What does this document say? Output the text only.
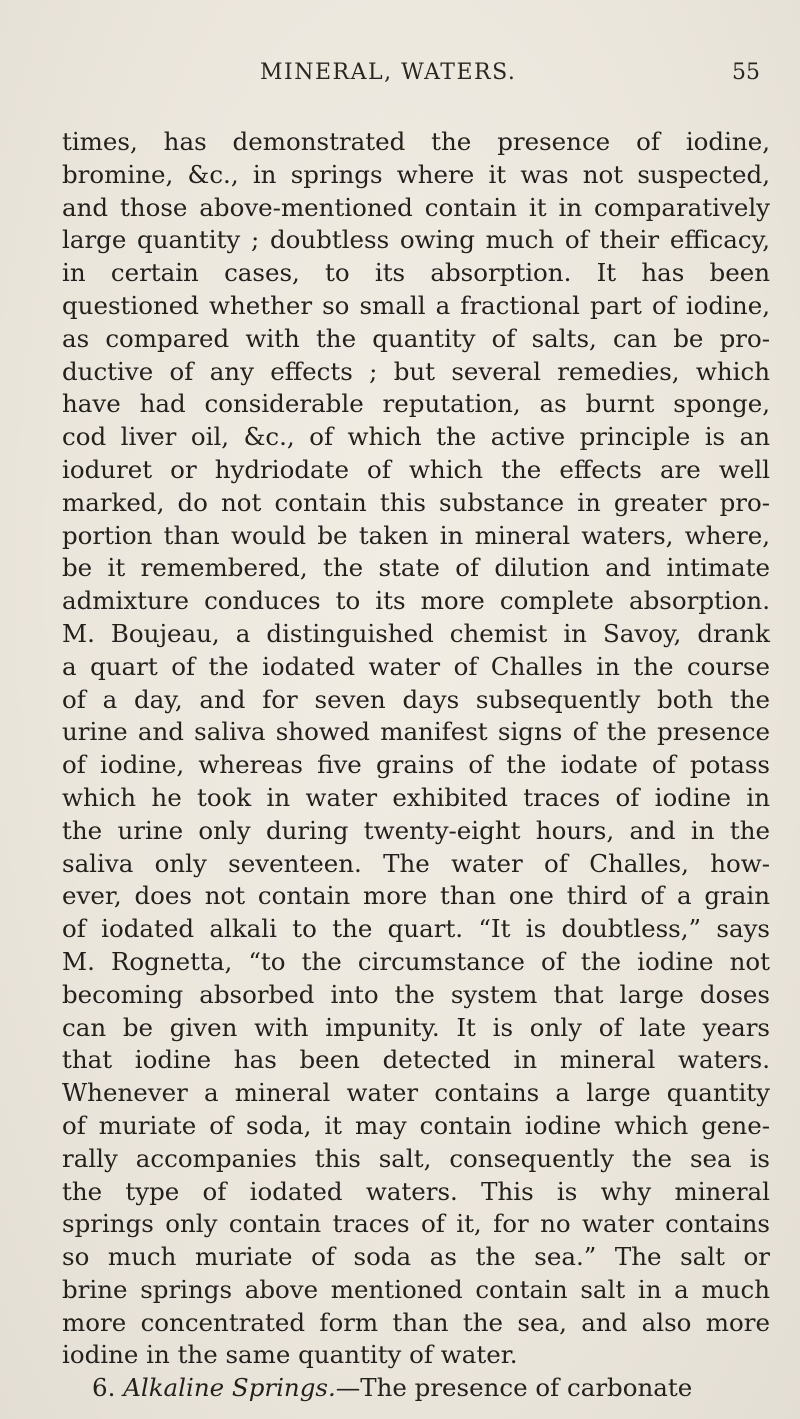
MINERAL, WATERS.	55
times, has demonstrated the presence of iodine,
bromine, &c., in springs where it was not suspected,
and those above-mentioned contain it in comparatively
large quantity ; doubtless owing much of their efficacy,
in certain cases, to its absorption. It has been
questioned whether so small a fractional part of iodine,
as compared with the quantity of salts, can be pro-
ductive of any effects ; but several remedies, which
have had considerable reputation, as burnt sponge,
cod liver oil, &c., of which the active principle is an
ioduret or hydriodate of which the effects are well
marked, do not contain this substance in greater pro-
portion than would be taken in mineral waters, where,
be it remembered, the state of dilution and intimate
admixture conduces to its more complete absorption.
M. Boujeau, a distinguished chemist in Savoy, drank
a quart of the iodated water of Challes in the course
of a day, and for seven days subsequently both the
urine and saliva showed manifest signs of the presence
of iodine, whereas five grains of the iodate of potass
which he took in water exhibited traces of iodine in
the urine only during twenty-eight hours, and in the
saliva only seventeen. The water of Challes, how-
ever, does not contain more than one third of a grain
of iodated alkali to the quart. “It is doubtless,” says
M. Rognetta, “to the circumstance of the iodine not
becoming absorbed into the system that large doses
can be given with impunity. It is only of late years
that iodine has been detected in mineral waters.
Whenever a mineral water contains a large quantity
of muriate of soda, it may contain iodine which gene-
rally accompanies this salt, consequently the sea is
the type of iodated waters. This is why mineral
springs only contain traces of it, for no water contains
so much muriate of soda as the sea.” The salt or
brine springs above mentioned contain salt in a much
more concentrated form than the sea, and also more
iodine in the same quantity of water.
6. Alkaline Springs.—The presence of carbonate
